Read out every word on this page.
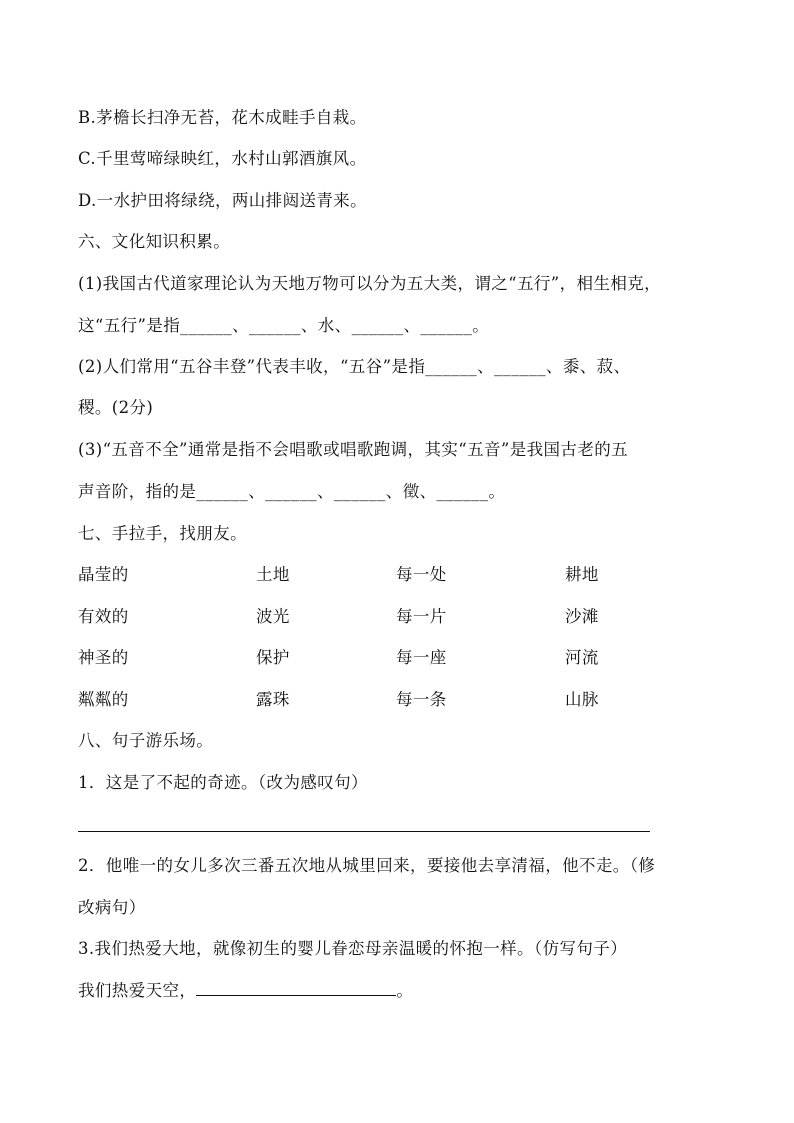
B.茅檐长扫净无苔，花木成畦手自栽。
C.千里莺啼绿映红，水村山郭酒旗风。
D.一水护田将绿绕，两山排闼送青来。
六、文化知识积累。
(1)我国古代道家理论认为天地万物可以分为五大类，谓之“五行”，相生相克，
这“五行”是指______、______、水、______、______。
(2)人们常用“五谷丰登”代表丰收，“五谷”是指______、______、黍、菽、
稷。(2分)
(3)“五音不全”通常是指不会唱歌或唱歌跑调，其实“五音”是我国古老的五
声音阶，指的是______、______、______、徵、______。
七、手拉手，找朋友。
晶莹的	土地	每一处	耕地
有效的	波光	每一片	沙滩
神圣的	保护	每一座	河流
粼粼的	露珠	每一条	山脉
八、句子游乐场。
1．这是了不起的奇迹。（改为感叹句）
2．他唯一的女儿多次三番五次地从城里回来，要接他去享清福，他不走。（修
改病句）
3.我们热爱大地，就像初生的婴儿眷恋母亲温暖的怀抱一样。（仿写句子）
我们热爱天空，	。
